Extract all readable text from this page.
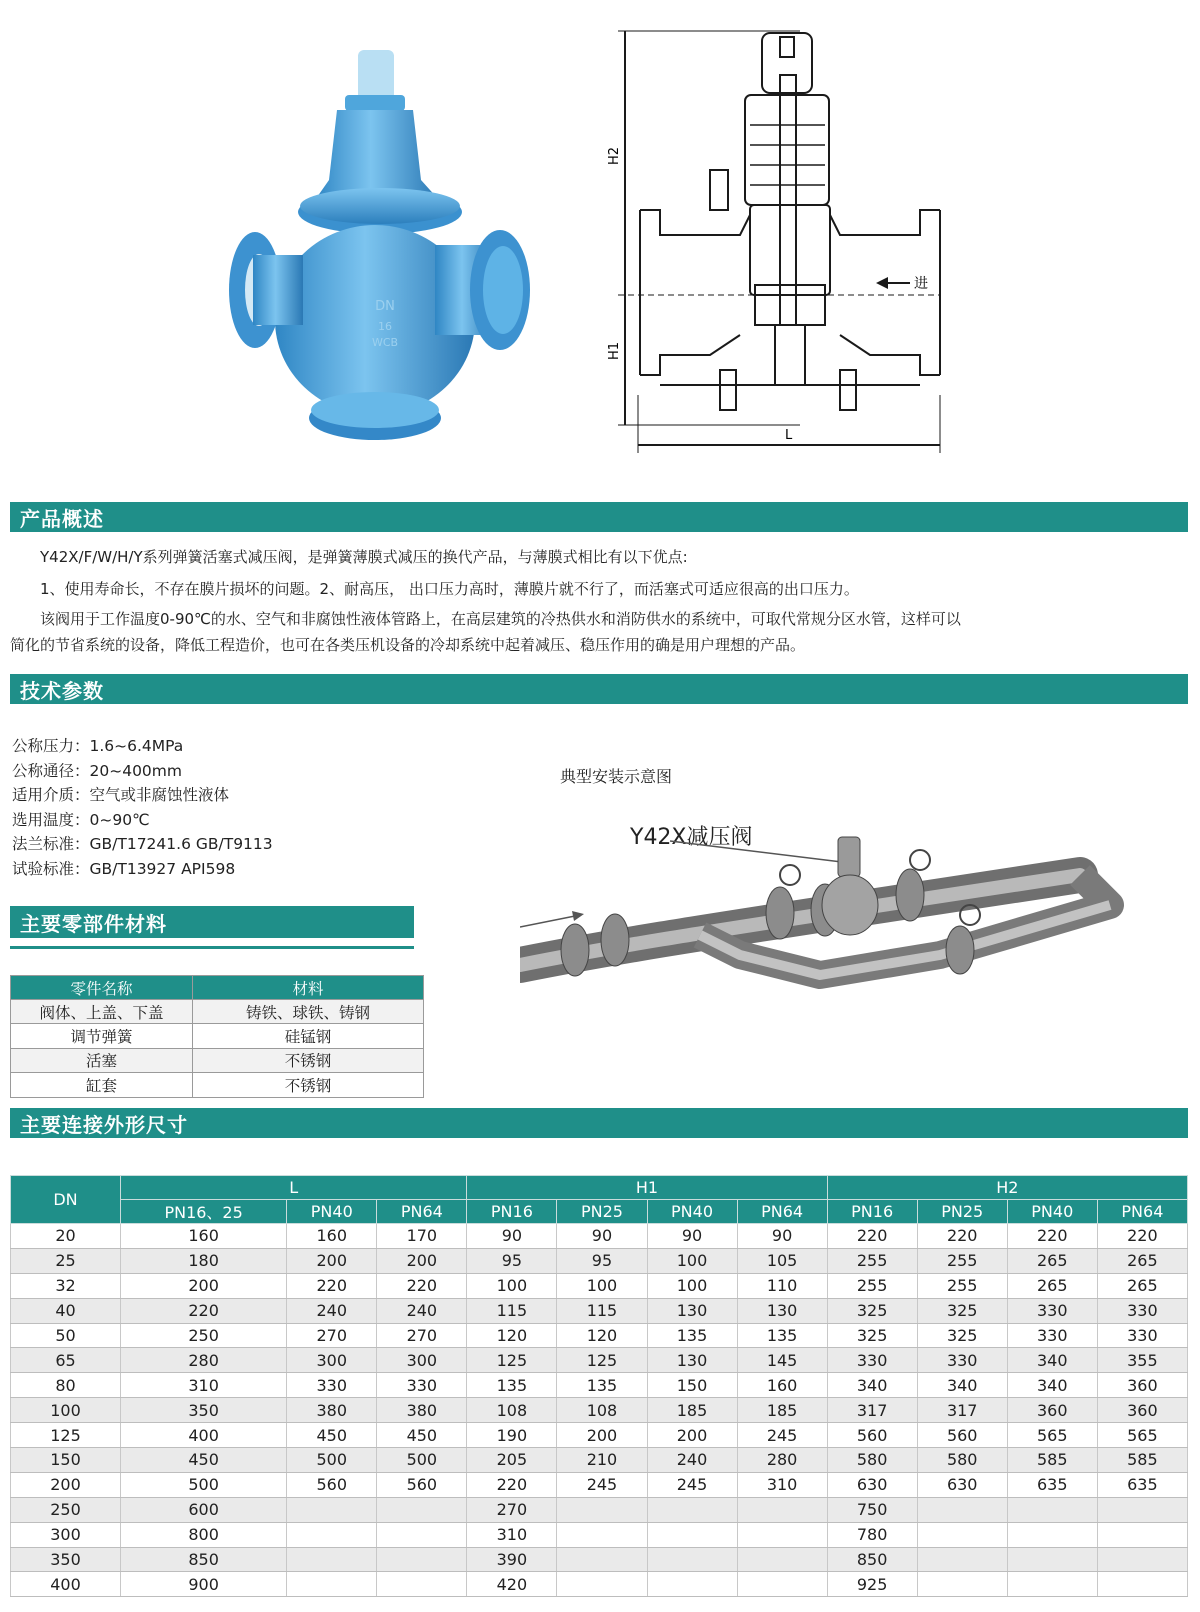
DN
16
WCB
H2
H1
L
进
产品概述
Y42X/F/W/H/Y系列弹簧活塞式减压阀，是弹簧薄膜式减压的换代产品，与薄膜式相比有以下优点:
1、使用寿命长，不存在膜片损坏的问题。2、耐高压， 出口压力高时，薄膜片就不行了，而活塞式可适应很高的出口压力。
该阀用于工作温度0-90℃的水、空气和非腐蚀性液体管路上，在高层建筑的冷热供水和消防供水的系统中，可取代常规分区水管，这样可以
简化的节省系统的设备，降低工程造价，也可在各类压机设备的冷却系统中起着减压、稳压作用的确是用户理想的产品。
技术参数
公称压力：1.6~6.4MPa
公称通径：20~400mm
适用介质：空气或非腐蚀性液体
选用温度：0~90℃
法兰标准：GB/T17241.6 GB/T9113
试验标准：GB/T13927 API598
典型安装示意图
Y42X减压阀
主要零部件材料
零件名称	材料
阀体、上盖、下盖	铸铁、球铁、铸钢
调节弹簧	硅锰钢
活塞	不锈钢
缸套	不锈钢
主要连接外形尺寸
DN	L			H1				H2			
	PN16、25	PN40	PN64	PN16	PN25	PN40	PN64	PN16	PN25	PN40	PN64
20	160	160	170	90	90	90	90	220	220	220	220
25	180	200	200	95	95	100	105	255	255	265	265
32	200	220	220	100	100	100	110	255	255	265	265
40	220	240	240	115	115	130	130	325	325	330	330
50	250	270	270	120	120	135	135	325	325	330	330
65	280	300	300	125	125	130	145	330	330	340	355
80	310	330	330	135	135	150	160	340	340	340	360
100	350	380	380	108	108	185	185	317	317	360	360
125	400	450	450	190	200	200	245	560	560	565	565
150	450	500	500	205	210	240	280	580	580	585	585
200	500	560	560	220	245	245	310	630	630	635	635
250	600			270				750			
300	800			310				780			
350	850			390				850			
400	900			420				925			
